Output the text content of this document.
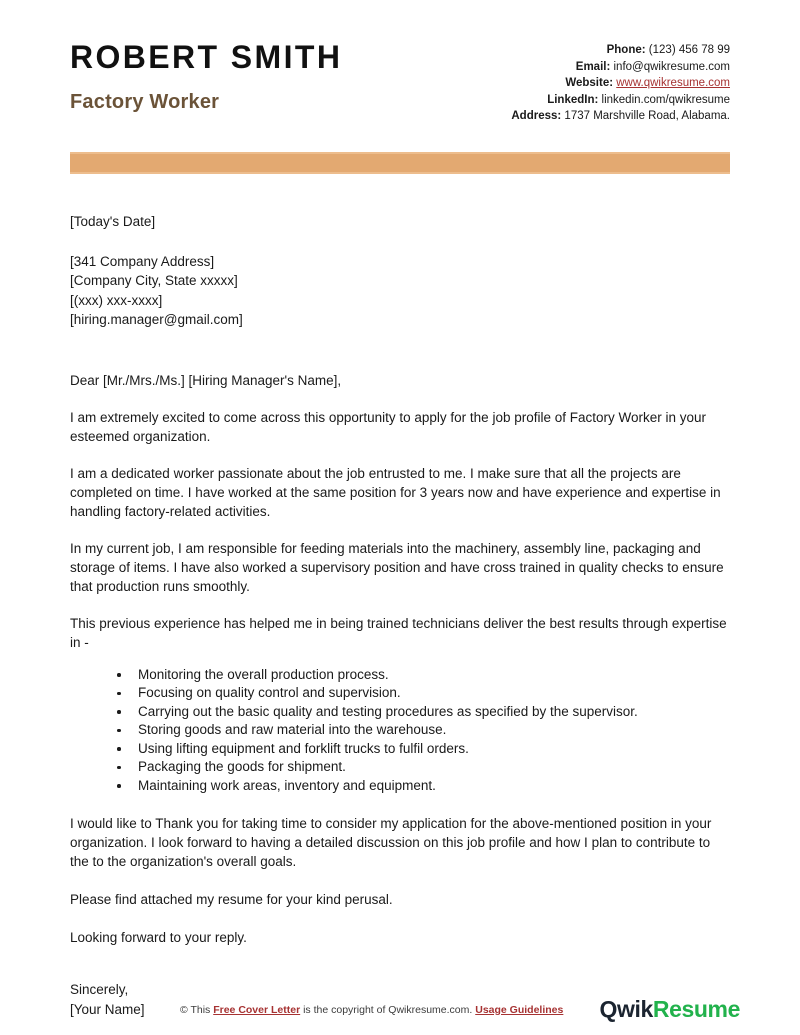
ROBERT SMITH
Factory Worker
Phone: (123) 456 78 99
Email: info@qwikresume.com
Website: www.qwikresume.com
LinkedIn: linkedin.com/qwikresume
Address: 1737 Marshville Road, Alabama.
[Today's Date]
[341 Company Address]
[Company City, State xxxxx]
[(xxx) xxx-xxxx]
[hiring.manager@gmail.com]
Dear [Mr./Mrs./Ms.] [Hiring Manager's Name],
I am extremely excited to come across this opportunity to apply for the job profile of Factory Worker in your esteemed organization.
I am a dedicated worker passionate about the job entrusted to me. I make sure that all the projects are completed on time. I have worked at the same position for 3 years now and have experience and expertise in handling factory-related activities.
In my current job, I am responsible for feeding materials into the machinery, assembly line, packaging and storage of items. I have also worked a supervisory position and have cross trained in quality checks to ensure that production runs smoothly.
This previous experience has helped me in being trained technicians deliver the best results through expertise in -
Monitoring the overall production process.
Focusing on quality control and supervision.
Carrying out the basic quality and testing procedures as specified by the supervisor.
Storing goods and raw material into the warehouse.
Using lifting equipment and forklift trucks to fulfil orders.
Packaging the goods for shipment.
Maintaining work areas, inventory and equipment.
I would like to Thank you for taking time to consider my application for the above-mentioned position in your organization. I look forward to having a detailed discussion on this job profile and how I plan to contribute to the to the organization's overall goals.
Please find attached my resume for your kind perusal.
Looking forward to your reply.
Sincerely,
[Your Name]	© This Free Cover Letter is the copyright of Qwikresume.com. Usage Guidelines QwikResume
